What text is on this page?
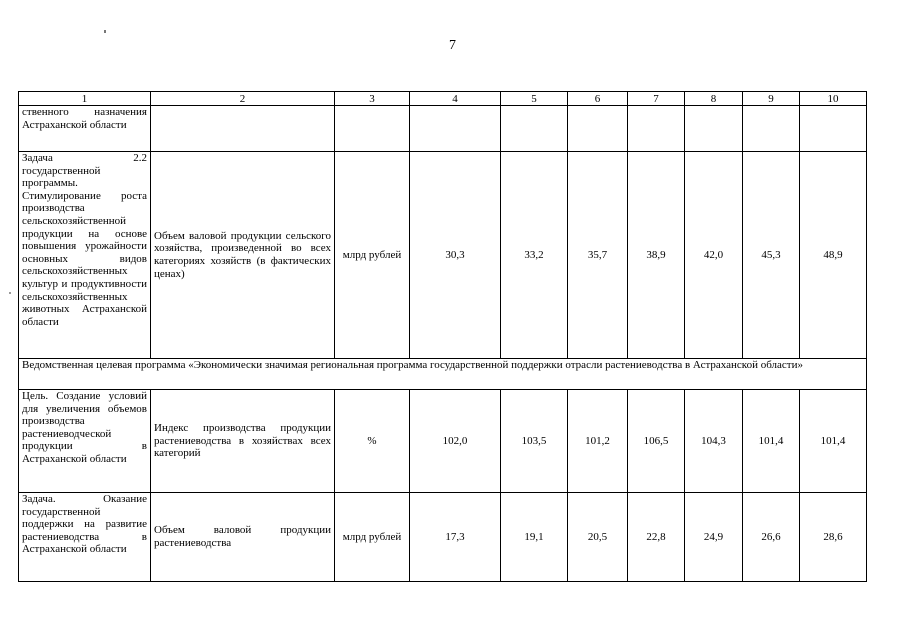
7
1	2	3	4	5	6	7	8	9	10
ственного назначения Астраханской области									
Задача 2.2 государственной программы. Стимулирование роста производства сельскохозяйственной продукции на основе повышения урожайности основных видов сельскохозяйственных культур и продуктивности сельскохозяйственных животных Астраханской области	Объем валовой продукции сельского хозяйства, произведенной во всех категориях хозяйств (в фактических ценах)	млрд рублей	30,3	33,2	35,7	38,9	42,0	45,3	48,9
Ведомственная целевая программа «Экономически значимая региональная программа государственной поддержки отрасли растениеводства в Астраханской области»									
Цель. Создание условий для увеличения объемов производства растениеводческой продукции в Астраханской области	Индекс производства продукции растениеводства в хозяйствах всех категорий	%	102,0	103,5	101,2	106,5	104,3	101,4	101,4
Задача. Оказание государственной поддержки на развитие растениеводства в Астраханской области	Объем валовой продукции растениеводства	млрд рублей	17,3	19,1	20,5	22,8	24,9	26,6	28,6
